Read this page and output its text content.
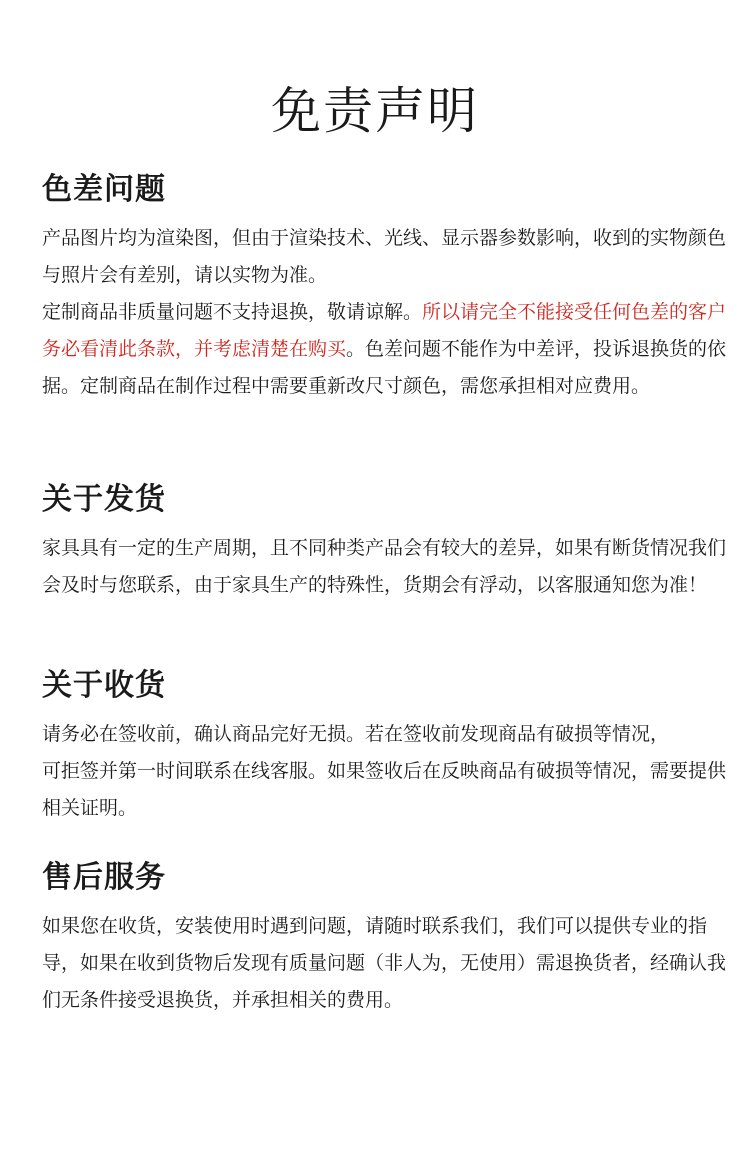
免责声明
色差问题

产品图片均为渲染图，但由于渲染技术、光线、显示器参数影响，收到的实物颜色与照片会有差别，请以实物为准。

定制商品非质量问题不支持退换，敬请谅解。所以请完全不能接受任何色差的客户务必看清此条款，并考虑清楚在购买。色差问题不能作为中差评，投诉退换货的依据。定制商品在制作过程中需要重新改尺寸颜色，需您承担相对应费用。

关于发货

家具具有一定的生产周期，且不同种类产品会有较大的差异，如果有断货情况我们会及时与您联系，由于家具生产的特殊性，货期会有浮动，以客服通知您为准！

关于收货

请务必在签收前，确认商品完好无损。若在签收前发现商品有破损等情况，

可拒签并第一时间联系在线客服。如果签收后在反映商品有破损等情况，需要提供相关证明。

售后服务

如果您在收货，安装使用时遇到问题，请随时联系我们，我们可以提供专业的指导，如果在收到货物后发现有质量问题（非人为，无使用）需退换货者，经确认我们无条件接受退换货，并承担相关的费用。
